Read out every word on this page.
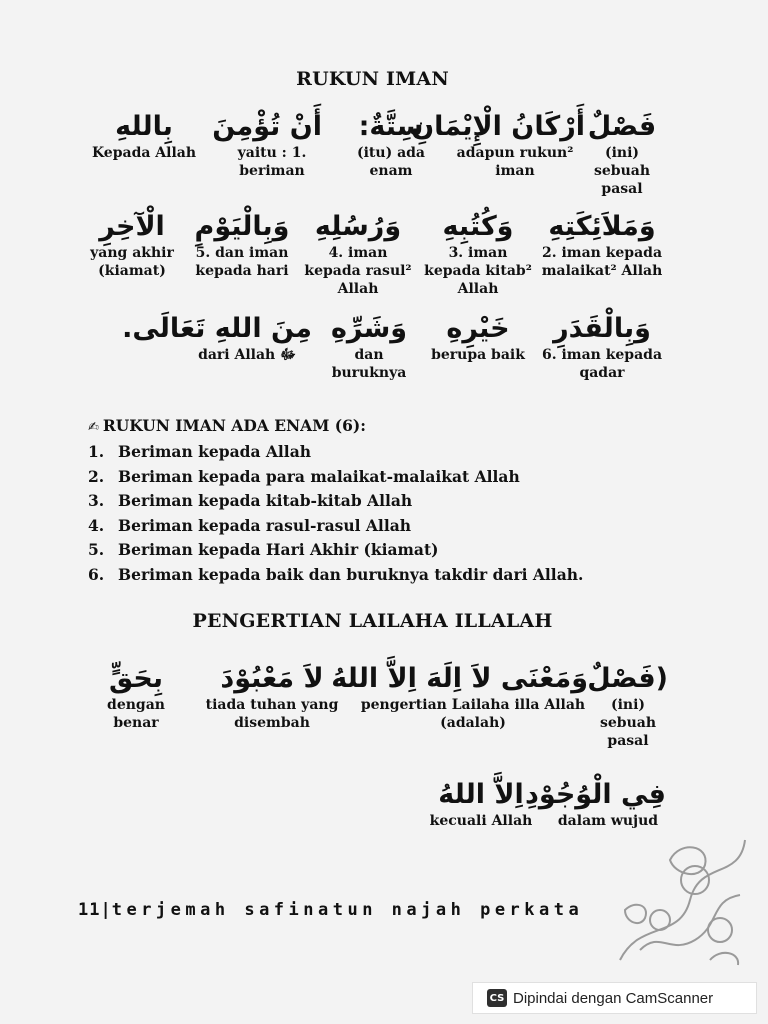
RUKUN IMAN
فَصْلٌ
(ini)
sebuah
pasal
أَرْكَانُ الْإِيْمَانِ
adapun rukun²
iman
سِتَّةٌ:
(itu) ada
enam
أَنْ تُؤْمِنَ
yaitu : 1.
beriman
بِاللهِ
Kepada Allah
وَمَلاَئِكَتِهِ
2. iman kepada
malaikat² Allah
وَكُتُبِهِ
3. iman
kepada kitab²
Allah
وَرُسُلِهِ
4. iman
kepada rasul²
Allah
وَبِالْيَوْمِ
5. dan iman
kepada hari
الْآخِرِ
yang akhir
(kiamat)
وَبِالْقَدَرِ
6. iman kepada
qadar
خَيْرِهِ
berupa baik
وَشَرِّهِ
dan
buruknya
مِنَ اللهِ تَعَالَى.
dari Allah ﷻ
✍ RUKUN IMAN ADA ENAM (6):
1. Beriman kepada Allah
2. Beriman kepada para malaikat-malaikat Allah
3. Beriman kepada kitab-kitab Allah
4. Beriman kepada rasul-rasul Allah
5. Beriman kepada Hari Akhir (kiamat)
6. Beriman kepada baik dan buruknya takdir dari Allah.
PENGERTIAN LAILAHA ILLALAH
(فَصْلٌ
(ini)
sebuah
pasal
وَمَعْنَى لاَ اِلَهَ اِلاَّ اللهُ
pengertian Lailaha illa Allah
(adalah)
لاَ مَعْبُوْدَ
tiada tuhan yang
disembah
بِحَقٍّ
dengan
benar
فِي الْوُجُوْدِ
dalam wujud
اِلاَّ اللهُ
kecuali Allah
11|terjemah safinatun najah perkata
CS Dipindai dengan CamScanner
